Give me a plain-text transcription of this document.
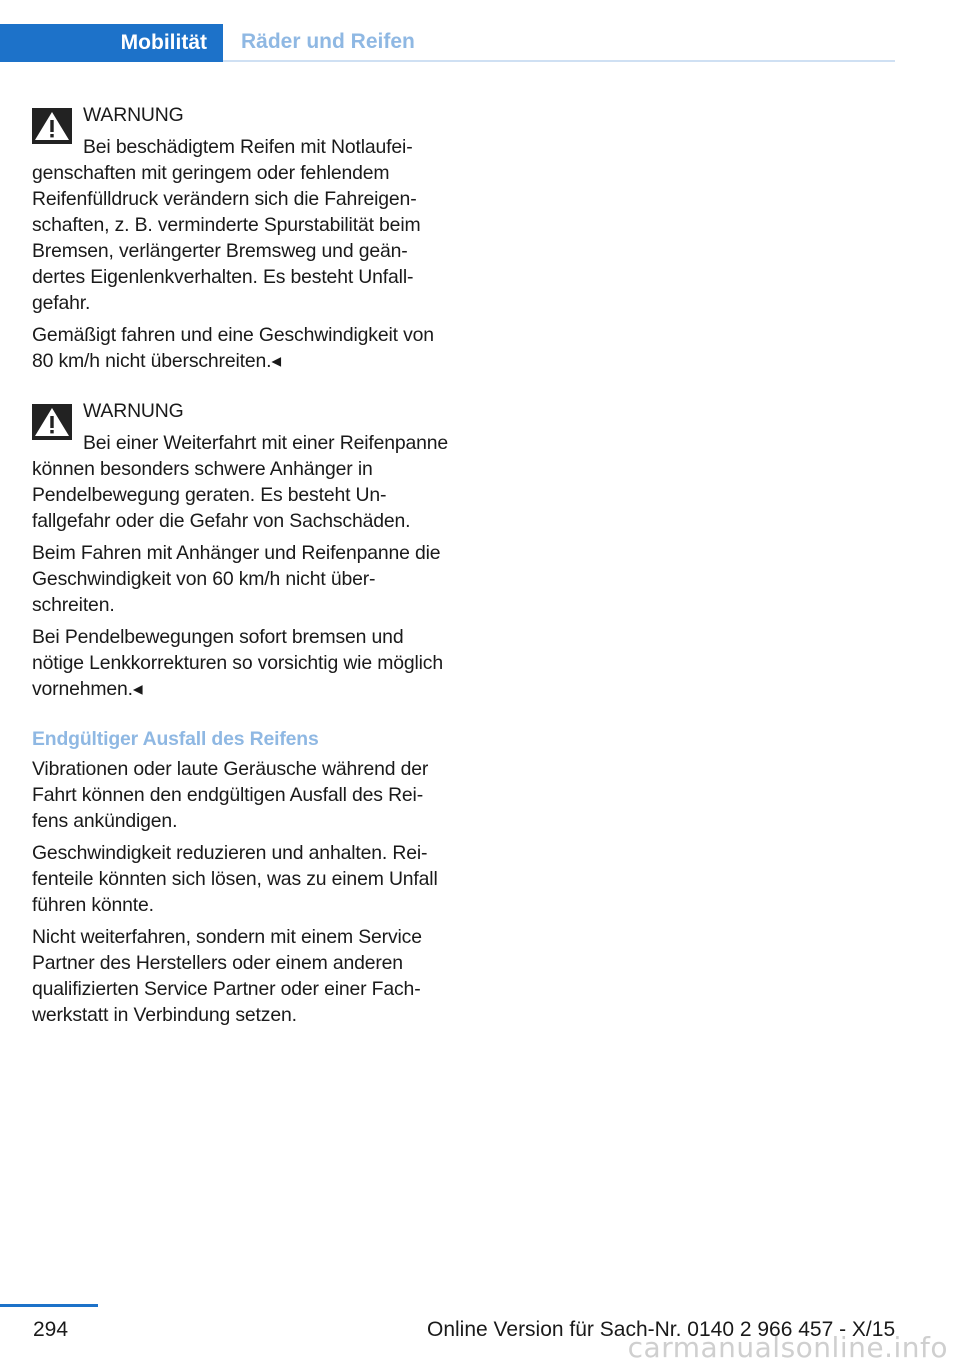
Mobilität	Räder und Reifen
WARNUNG

Bei beschädigtem Reifen mit Notlaufeigenschaften mit geringem oder fehlendem Reifenfülldruck verändern sich die Fahreigenschaften, z. B. verminderte Spurstabilität beim Bremsen, verlängerter Bremsweg und geändertes Eigenlenkverhalten. Es besteht Unfallgefahr.

Gemäßigt fahren und eine Geschwindigkeit von 80 km/h nicht überschreiten.◂

WARNUNG

Bei einer Weiterfahrt mit einer Reifenpanne können besonders schwere Anhänger in Pendelbewegung geraten. Es besteht Unfallgefahr oder die Gefahr von Sachschäden.

Beim Fahren mit Anhänger und Reifenpanne die Geschwindigkeit von 60 km/h nicht überschreiten.

Bei Pendelbewegungen sofort bremsen und nötige Lenkkorrekturen so vorsichtig wie möglich vornehmen.◂

Endgültiger Ausfall des Reifens

Vibrationen oder laute Geräusche während der Fahrt können den endgültigen Ausfall des Reifens ankündigen.

Geschwindigkeit reduzieren und anhalten. Reifenteile könnten sich lösen, was zu einem Unfall führen könnte.

Nicht weiterfahren, sondern mit einem Service Partner des Herstellers oder einem anderen qualifizierten Service Partner oder einer Fachwerkstatt in Verbindung setzen.

294	Online Version für Sach-Nr. 0140 2 966 457 - X/15
carmanualsonline.info
